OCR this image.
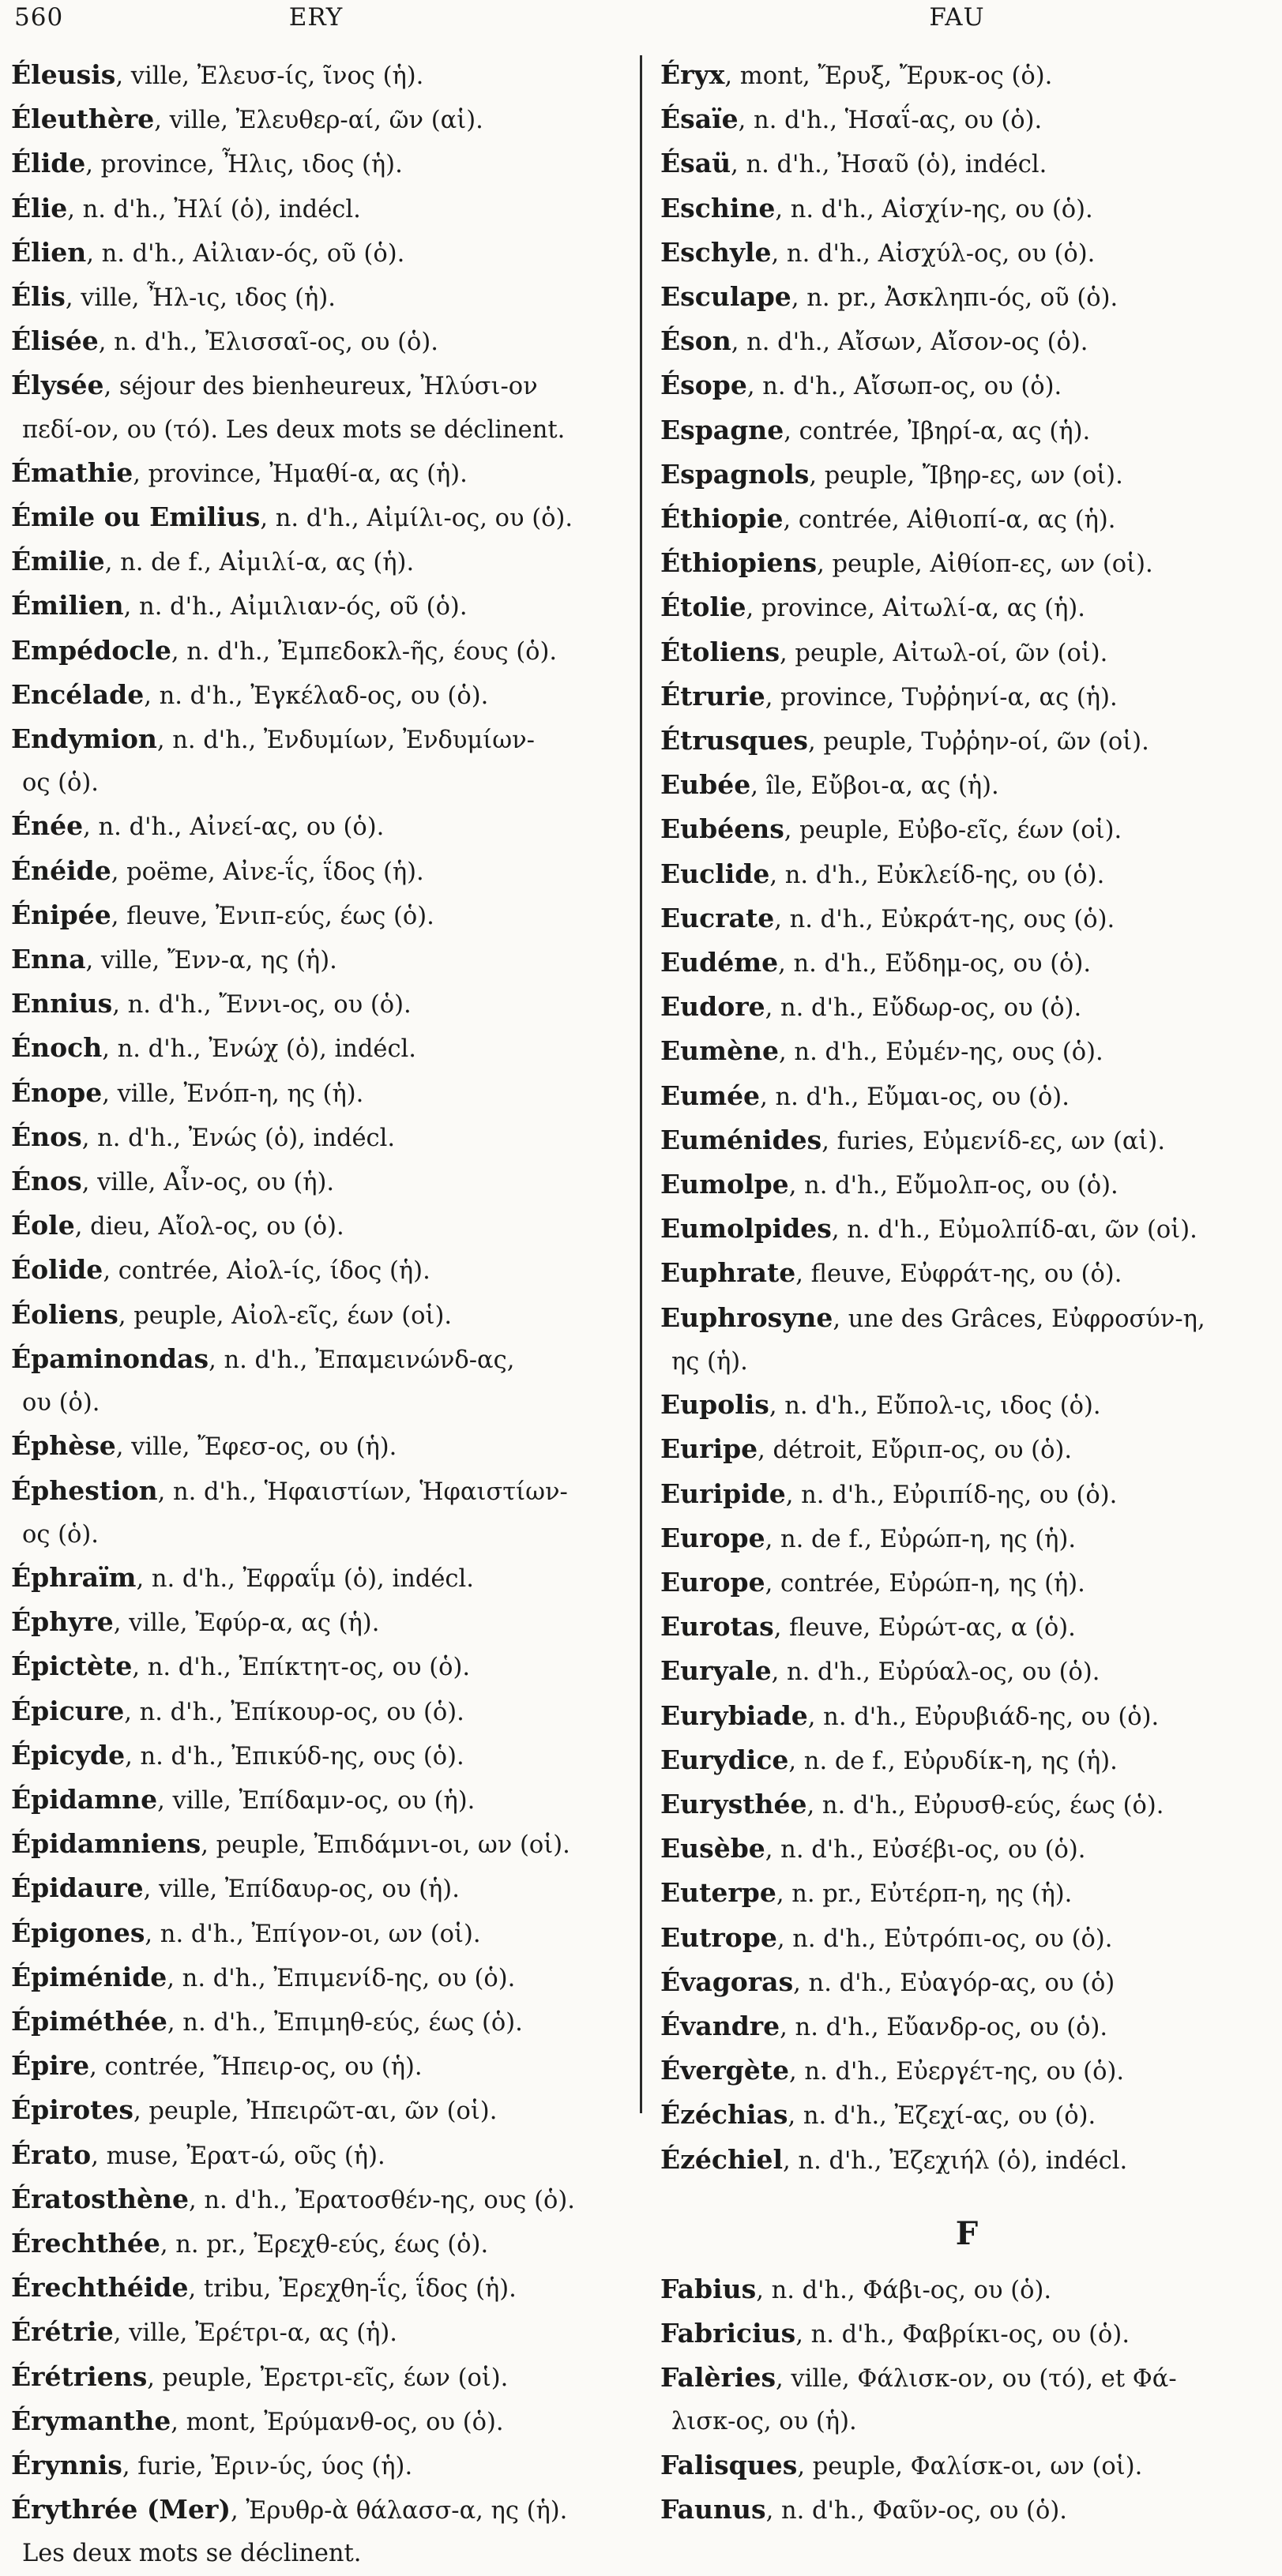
560	ERY	FAU

Éleusis, ville, Ἐλευσ-ίς, ῖνος (ἡ).

Éleuthère, ville, Ἐλευθερ-αί, ῶν (αἱ).

Élide, province, Ἦλις, ιδος (ἡ).

Élie, n. d'h., Ἠλί (ὁ), indécl.

Élien, n. d'h., Αἰλιαν-ός, οῦ (ὁ).

Élis, ville, Ἦλ-ις, ιδος (ἡ).

Élisée, n. d'h., Ἐλισσαῖ-ος, ου (ὁ).

Élysée, séjour des bienheureux, Ἠλύσι-ον

πεδί-ον, ου (τό). Les deux mots se déclinent.

Émathie, province, Ἠμαθί-α, ας (ἡ).

Émile ou Emilius, n. d'h., Αἰμίλι-ος, ου (ὁ).

Émilie, n. de f., Αἰμιλί-α, ας (ἡ).

Émilien, n. d'h., Αἰμιλιαν-ός, οῦ (ὁ).

Empédocle, n. d'h., Ἐμπεδοκλ-ῆς, έους (ὁ).

Encélade, n. d'h., Ἐγκέλαδ-ος, ου (ὁ).

Endymion, n. d'h., Ἐνδυμίων, Ἐνδυμίων-

ος (ὁ).

Énée, n. d'h., Αἰνεί-ας, ου (ὁ).

Énéide, poëme, Αἰνε-ΐς, ΐδος (ἡ).

Énipée, fleuve, Ἐνιπ-εύς, έως (ὁ).

Enna, ville, Ἔνν-α, ης (ἡ).

Ennius, n. d'h., Ἔννι-ος, ου (ὁ).

Énoch, n. d'h., Ἐνώχ (ὁ), indécl.

Énope, ville, Ἐνόπ-η, ης (ἡ).

Énos, n. d'h., Ἐνώς (ὁ), indécl.

Énos, ville, Αἶν-ος, ου (ἡ).

Éole, dieu, Αἴολ-ος, ου (ὁ).

Éolide, contrée, Αἰολ-ίς, ίδος (ἡ).

Éoliens, peuple, Αἰολ-εῖς, έων (οἱ).

Épaminondas, n. d'h., Ἐπαμεινώνδ-ας,

ου (ὁ).

Éphèse, ville, Ἔφεσ-ος, ου (ἡ).

Éphestion, n. d'h., Ἡφαιστίων, Ἡφαιστίων-

ος (ὁ).

Éphraïm, n. d'h., Ἐφραΐμ (ὁ), indécl.

Éphyre, ville, Ἐφύρ-α, ας (ἡ).

Épictète, n. d'h., Ἐπίκτητ-ος, ου (ὁ).

Épicure, n. d'h., Ἐπίκουρ-ος, ου (ὁ).

Épicyde, n. d'h., Ἐπικύδ-ης, ους (ὁ).

Épidamne, ville, Ἐπίδαμν-ος, ου (ἡ).

Épidamniens, peuple, Ἐπιδάμνι-οι, ων (οἱ).

Épidaure, ville, Ἐπίδαυρ-ος, ου (ἡ).

Épigones, n. d'h., Ἐπίγον-οι, ων (οἱ).

Épiménide, n. d'h., Ἐπιμενίδ-ης, ου (ὁ).

Épiméthée, n. d'h., Ἐπιμηθ-εύς, έως (ὁ).

Épire, contrée, Ἤπειρ-ος, ου (ἡ).

Épirotes, peuple, Ἠπειρῶτ-αι, ῶν (οἱ).

Érato, muse, Ἐρατ-ώ, οῦς (ἡ).

Ératosthène, n. d'h., Ἐρατοσθέν-ης, ους (ὁ).

Érechthée, n. pr., Ἐρεχθ-εύς, έως (ὁ).

Érechthéide, tribu, Ἐρεχθη-ΐς, ΐδος (ἡ).

Érétrie, ville, Ἐρέτρι-α, ας (ἡ).

Érétriens, peuple, Ἐρετρι-εῖς, έων (οἱ).

Érymanthe, mont, Ἐρύμανθ-ος, ου (ὁ).

Érynnis, furie, Ἐριν-ύς, ύος (ἡ).

Érythrée (Mer), Ἐρυθρ-ὰ θάλασσ-α, ης (ἡ).

Les deux mots se déclinent.

Éryx, mont, Ἔρυξ, Ἔρυκ-ος (ὁ).

Ésaïe, n. d'h., Ἡσαΐ-ας, ου (ὁ).

Ésaü, n. d'h., Ἠσαῦ (ὁ), indécl.

Eschine, n. d'h., Αἰσχίν-ης, ου (ὁ).

Eschyle, n. d'h., Αἰσχύλ-ος, ου (ὁ).

Esculape, n. pr., Ἀσκληπι-ός, οῦ (ὁ).

Éson, n. d'h., Αἴσων, Αἴσον-ος (ὁ).

Ésope, n. d'h., Αἴσωπ-ος, ου (ὁ).

Espagne, contrée, Ἰβηρί-α, ας (ἡ).

Espagnols, peuple, Ἴβηρ-ες, ων (οἱ).

Éthiopie, contrée, Αἰθιοπί-α, ας (ἡ).

Éthiopiens, peuple, Αἰθίοπ-ες, ων (οἱ).

Étolie, province, Αἰτωλί-α, ας (ἡ).

Étoliens, peuple, Αἰτωλ-οί, ῶν (οἱ).

Étrurie, province, Τυῤῥηνί-α, ας (ἡ).

Étrusques, peuple, Τυῤῥην-οί, ῶν (οἱ).

Eubée, île, Εὔβοι-α, ας (ἡ).

Eubéens, peuple, Εὐβο-εῖς, έων (οἱ).

Euclide, n. d'h., Εὐκλείδ-ης, ου (ὁ).

Eucrate, n. d'h., Εὐκράτ-ης, ους (ὁ).

Eudéme, n. d'h., Εὔδημ-ος, ου (ὁ).

Eudore, n. d'h., Εὔδωρ-ος, ου (ὁ).

Eumène, n. d'h., Εὐμέν-ης, ους (ὁ).

Eumée, n. d'h., Εὔμαι-ος, ου (ὁ).

Euménides, furies, Εὐμενίδ-ες, ων (αἱ).

Eumolpe, n. d'h., Εὔμολπ-ος, ου (ὁ).

Eumolpides, n. d'h., Εὐμολπίδ-αι, ῶν (οἱ).

Euphrate, fleuve, Εὐφράτ-ης, ου (ὁ).

Euphrosyne, une des Grâces, Εὐφροσύν-η,

ης (ἡ).

Eupolis, n. d'h., Εὔπολ-ις, ιδος (ὁ).

Euripe, détroit, Εὔριπ-ος, ου (ὁ).

Euripide, n. d'h., Εὐριπίδ-ης, ου (ὁ).

Europe, n. de f., Εὐρώπ-η, ης (ἡ).

Europe, contrée, Εὐρώπ-η, ης (ἡ).

Eurotas, fleuve, Εὐρώτ-ας, α (ὁ).

Euryale, n. d'h., Εὐρύαλ-ος, ου (ὁ).

Eurybiade, n. d'h., Εὐρυβιάδ-ης, ου (ὁ).

Eurydice, n. de f., Εὐρυδίκ-η, ης (ἡ).

Eurysthée, n. d'h., Εὐρυσθ-εύς, έως (ὁ).

Eusèbe, n. d'h., Εὐσέβι-ος, ου (ὁ).

Euterpe, n. pr., Εὐτέρπ-η, ης (ἡ).

Eutrope, n. d'h., Εὐτρόπι-ος, ου (ὁ).

Évagoras, n. d'h., Εὐαγόρ-ας, ου (ὁ)

Évandre, n. d'h., Εὔανδρ-ος, ου (ὁ).

Évergète, n. d'h., Εὐεργέτ-ης, ου (ὁ).

Ézéchias, n. d'h., Ἐζεχί-ας, ου (ὁ).

Ézéchiel, n. d'h., Ἐζεχιήλ (ὁ), indécl.

F

Fabius, n. d'h., Φάβι-ος, ου (ὁ).

Fabricius, n. d'h., Φαβρίκι-ος, ου (ὁ).

Falèries, ville, Φάλισκ-ον, ου (τό), et Φά-

λισκ-ος, ου (ἡ).

Falisques, peuple, Φαλίσκ-οι, ων (οἱ).

Faunus, n. d'h., Φαῦν-ος, ου (ὁ).
